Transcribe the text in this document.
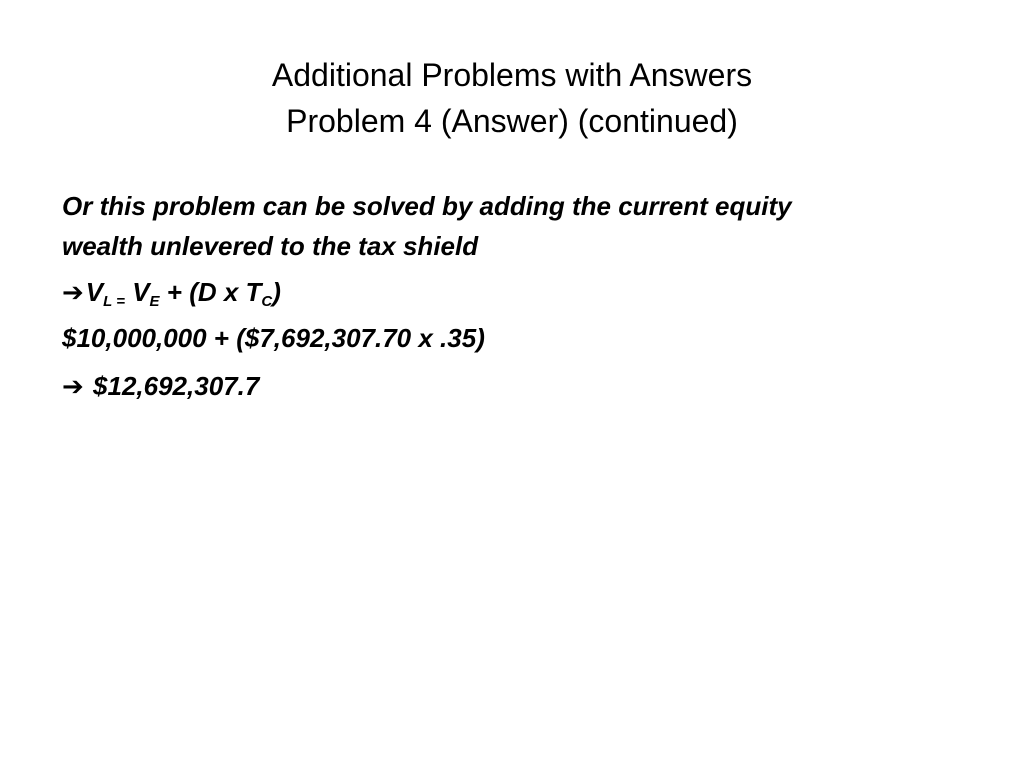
Additional Problems with Answers
Problem 4 (Answer) (continued)

Or this problem can be solved by adding the current equity
wealth unlevered to the tax shield

$➔V_{L =}$ $V_E + (D$ x $T_C$)

$10,000,000 + ($7,692,307.70 x .35)

➔ $12,692,307.7
